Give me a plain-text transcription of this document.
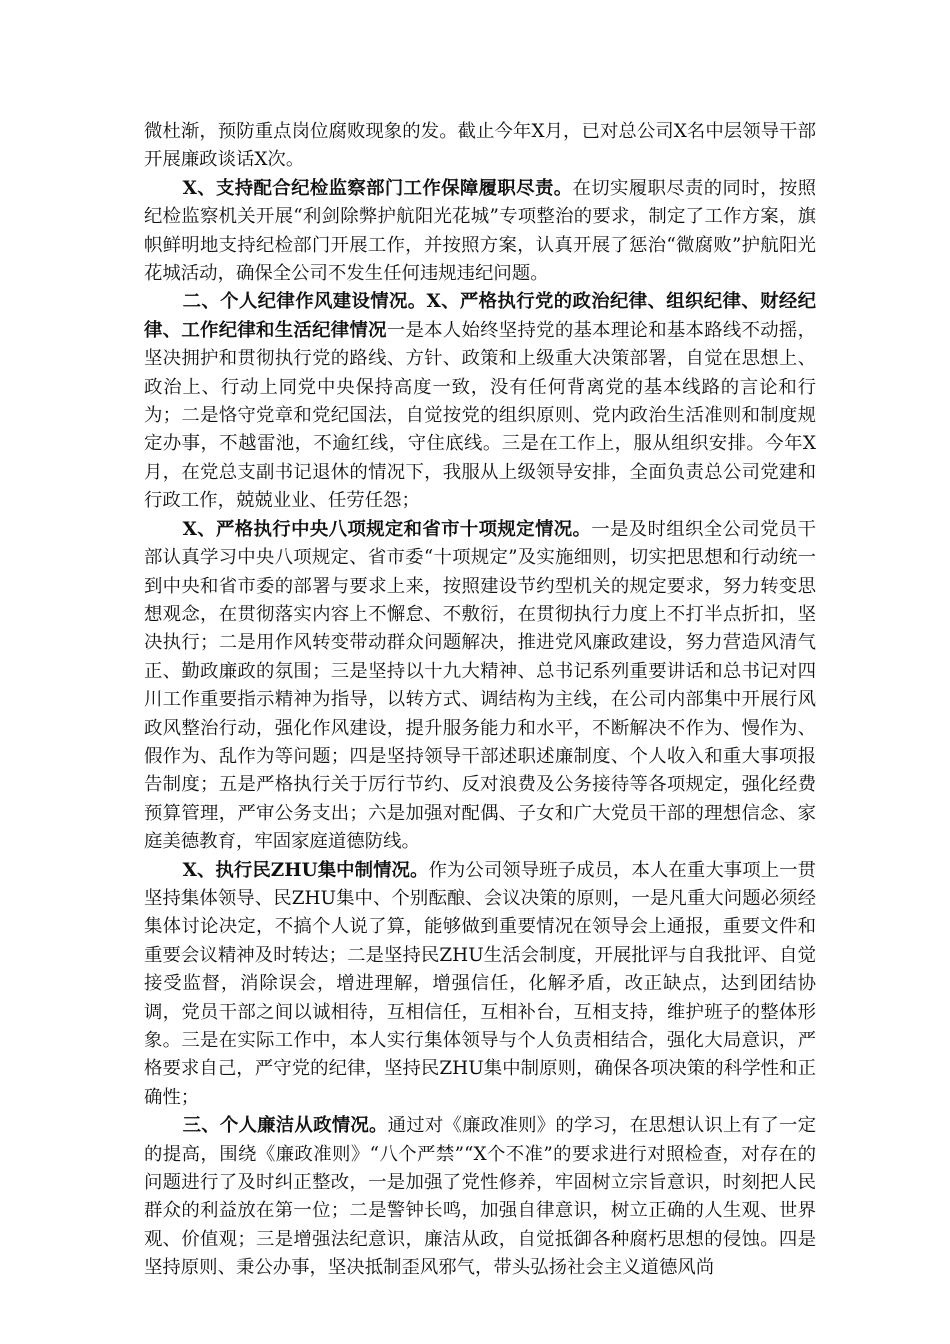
微杜渐，预防重点岗位腐败现象的发。截止今年X月，已对总公司X名中层领导干部开展廉政谈话X次。

X、支持配合纪检监察部门工作保障履职尽责。在切实履职尽责的同时，按照纪检监察机关开展“利剑除弊护航阳光花城”专项整治的要求，制定了工作方案，旗帜鲜明地支持纪检部门开展工作，并按照方案，认真开展了惩治“微腐败”护航阳光花城活动，确保全公司不发生任何违规违纪问题。

二、个人纪律作风建设情况。X、严格执行党的政治纪律、组织纪律、财经纪律、工作纪律和生活纪律情况一是本人始终坚持党的基本理论和基本路线不动摇，坚决拥护和贯彻执行党的路线、方针、政策和上级重大决策部署，自觉在思想上、政治上、行动上同党中央保持高度一致，没有任何背离党的基本线路的言论和行为；二是恪守党章和党纪国法，自觉按党的组织原则、党内政治生活准则和制度规定办事，不越雷池，不逾红线，守住底线。三是在工作上，服从组织安排。今年X月，在党总支副书记退休的情况下，我服从上级领导安排，全面负责总公司党建和行政工作，兢兢业业、任劳任怨；

X、严格执行中央八项规定和省市十项规定情况。一是及时组织全公司党员干部认真学习中央八项规定、省市委“十项规定”及实施细则，切实把思想和行动统一到中央和省市委的部署与要求上来，按照建设节约型机关的规定要求，努力转变思想观念，在贯彻落实内容上不懈怠、不敷衍，在贯彻执行力度上不打半点折扣，坚决执行；二是用作风转变带动群众问题解决，推进党风廉政建设，努力营造风清气正、勤政廉政的氛围；三是坚持以十九大精神、总书记系列重要讲话和总书记对四川工作重要指示精神为指导，以转方式、调结构为主线，在公司内部集中开展行风政风整治行动，强化作风建设，提升服务能力和水平，不断解决不作为、慢作为、假作为、乱作为等问题；四是坚持领导干部述职述廉制度、个人收入和重大事项报告制度；五是严格执行关于厉行节约、反对浪费及公务接待等各项规定，强化经费预算管理，严审公务支出；六是加强对配偶、子女和广大党员干部的理想信念、家庭美德教育，牢固家庭道德防线。

X、执行民ZHU集中制情况。作为公司领导班子成员，本人在重大事项上一贯坚持集体领导、民ZHU集中、个别酝酿、会议决策的原则，一是凡重大问题必须经集体讨论决定，不搞个人说了算，能够做到重要情况在领导会上通报，重要文件和重要会议精神及时转达；二是坚持民ZHU生活会制度，开展批评与自我批评、自觉接受监督，消除误会，增进理解，增强信任，化解矛盾，改正缺点，达到团结协调，党员干部之间以诚相待，互相信任，互相补台，互相支持，维护班子的整体形象。三是在实际工作中，本人实行集体领导与个人负责相结合，强化大局意识，严格要求自己，严守党的纪律，坚持民ZHU集中制原则，确保各项决策的科学性和正确性；

三、个人廉洁从政情况。通过对《廉政准则》的学习，在思想认识上有了一定的提高，围绕《廉政准则》“八个严禁”“X个不准”的要求进行对照检查，对存在的问题进行了及时纠正整改，一是加强了党性修养，牢固树立宗旨意识，时刻把人民群众的利益放在第一位；二是警钟长鸣，加强自律意识，树立正确的人生观、世界观、价值观；三是增强法纪意识，廉洁从政，自觉抵御各种腐朽思想的侵蚀。四是坚持原则、秉公办事，坚决抵制歪风邪气，带头弘扬社会主义道德风尚
